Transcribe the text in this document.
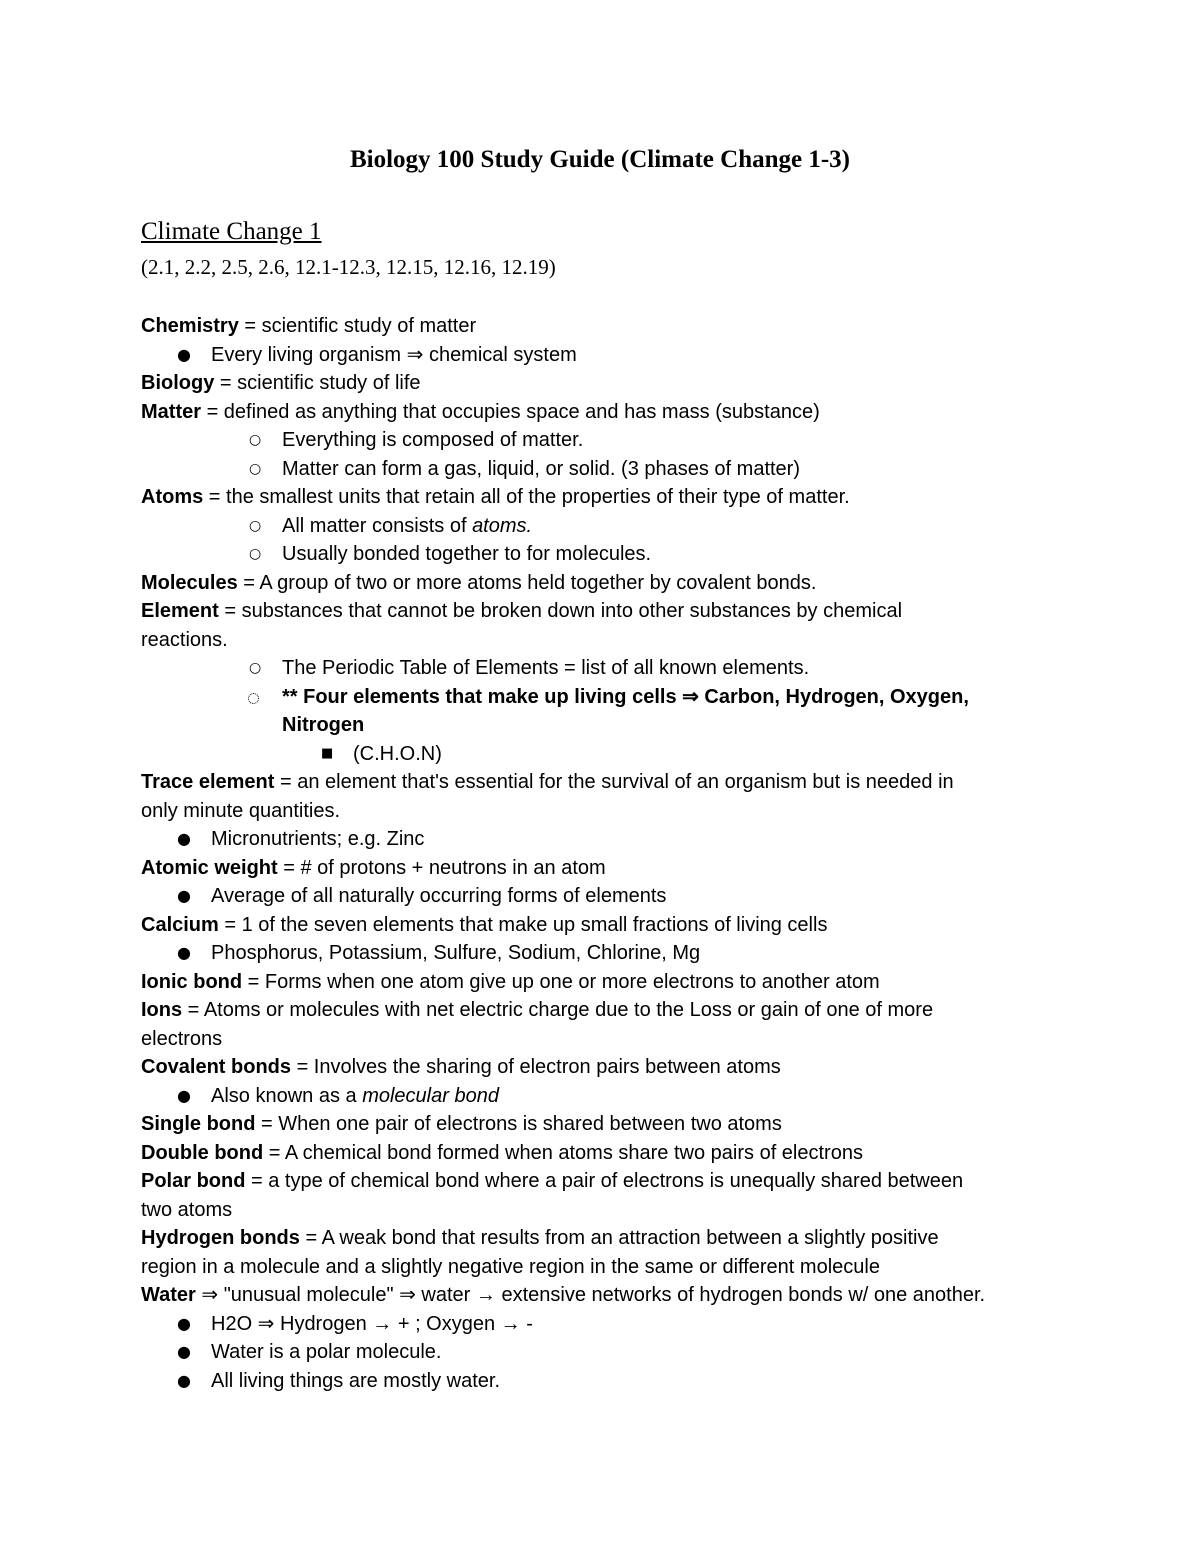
Biology 100 Study Guide (Climate Change 1-3)
Climate Change 1
(2.1, 2.2, 2.5, 2.6, 12.1-12.3, 12.15, 12.16, 12.19)
Chemistry = scientific study of matter
● Every living organism ⇒ chemical system
Biology = scientific study of life
Matter = defined as anything that occupies space and has mass (substance)
○ Everything is composed of matter.
○ Matter can form a gas, liquid, or solid. (3 phases of matter)
Atoms = the smallest units that retain all of the properties of their type of matter.
○ All matter consists of atoms.
○ Usually bonded together to for molecules.
Molecules = A group of two or more atoms held together by covalent bonds.
Element = substances that cannot be broken down into other substances by chemical
reactions.
○ The Periodic Table of Elements = list of all known elements.
** Four elements that make up living cells ⇒ Carbon, Hydrogen, Oxygen,
Nitrogen
■ (C.H.O.N)
Trace element = an element that's essential for the survival of an organism but is needed in
only minute quantities.
● Micronutrients; e.g. Zinc
Atomic weight = # of protons + neutrons in an atom
● Average of all naturally occurring forms of elements
Calcium = 1 of the seven elements that make up small fractions of living cells
● Phosphorus, Potassium, Sulfure, Sodium, Chlorine, Mg
Ionic bond = Forms when one atom give up one or more electrons to another atom
Ions = Atoms or molecules with net electric charge due to the Loss or gain of one of more
electrons
Covalent bonds = Involves the sharing of electron pairs between atoms
● Also known as a molecular bond
Single bond = When one pair of electrons is shared between two atoms
Double bond = A chemical bond formed when atoms share two pairs of electrons
Polar bond = a type of chemical bond where a pair of electrons is unequally shared between
two atoms
Hydrogen bonds = A weak bond that results from an attraction between a slightly positive
region in a molecule and a slightly negative region in the same or different molecule
Water ⇒ "unusual molecule" ⇒ water → extensive networks of hydrogen bonds w/ one another.
● H2O ⇒ Hydrogen → + ; Oxygen → -
● Water is a polar molecule.
● All living things are mostly water.
